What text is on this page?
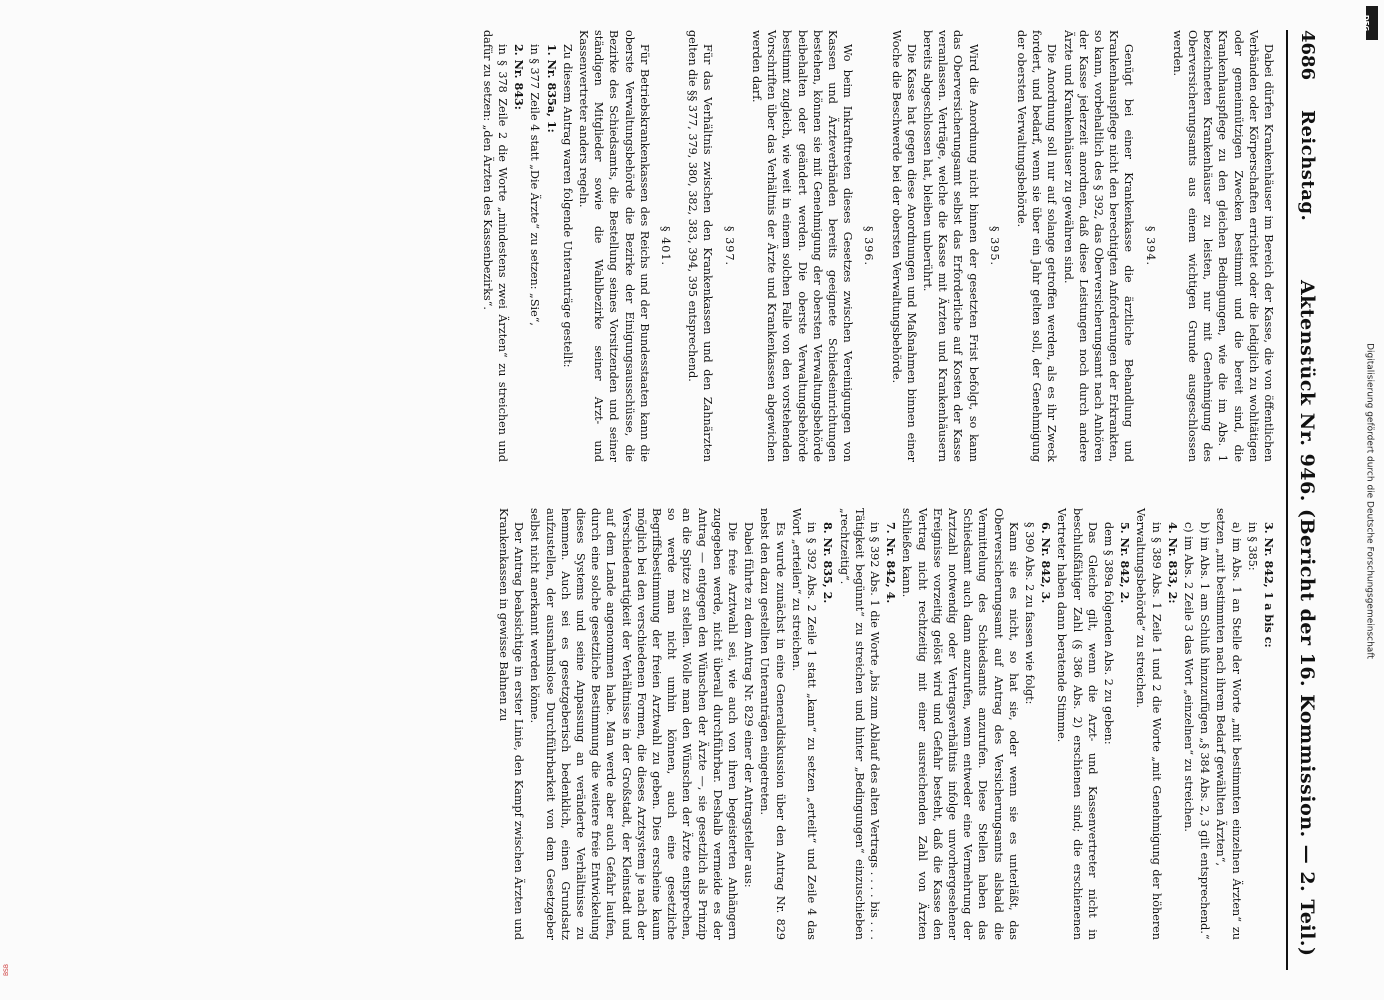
4686
Reichstag.
Aktenstück Nr. 946. (Bericht der 16. Kommission. — 2. Teil.)

Dabei dürfen Krankenhäuser im Bereich der Kasse, die von öffentlichen Verbänden oder Körperschaften errichtet oder die lediglich zu wohltätigen oder gemeinnützigen Zwecken bestimmt und die bereit sind, die Krankenhauspflege zu den gleichen Bedingungen, wie die im Abs. 1 bezeichneten Krankenhäuser zu leisten, nur mit Genehmigung des Oberversicherungsamts aus einem wichtigen Grunde ausgeschlossen werden.

§ 394.

Genügt bei einer Krankenkasse die ärztliche Behandlung und Krankenhauspflege nicht den berechtigten Anforderungen der Erkrankten, so kann, vorbehaltlich des § 392, das Oberversicherungsamt nach Anhören der Kasse jederzeit anordnen, daß diese Leistungen noch durch andere Ärzte und Krankenhäuser zu gewähren sind.

Die Anordnung soll nur auf solange getroffen werden, als es ihr Zweck fordert, und bedarf, wenn sie über ein Jahr gelten soll, der Genehmigung der obersten Verwaltungsbehörde.

§ 395.

Wird die Anordnung nicht binnen der gesetzten Frist befolgt, so kann das Oberversicherungsamt selbst das Erforderliche auf Kosten der Kasse veranlassen. Verträge, welche die Kasse mit Ärzten und Krankenhäusern bereits abgeschlossen hat, bleiben unberührt.

Die Kasse hat gegen diese Anordnungen und Maßnahmen binnen einer Woche die Beschwerde bei der obersten Verwaltungsbehörde.

§ 396.

Wo beim Inkrafttreten dieses Gesetzes zwischen Vereinigungen von Kassen und Ärzteverbänden bereits geeignete Schiedseinrichtungen bestehen, können sie mit Genehmigung der obersten Verwaltungsbehörde beibehalten oder geändert werden. Die oberste Verwaltungsbehörde bestimmt zugleich, wie weit in einem solchen Falle von den vorstehenden Vorschriften über das Verhältnis der Ärzte und Krankenkassen abgewichen werden darf.

§ 397.

Für das Verhältnis zwischen den Krankenkassen und den Zahnärzten gelten die §§ 377, 379, 380, 382, 383, 394, 395 entsprechend.

§ 401.

Für Betriebskrankenkassen des Reichs und der Bundesstaaten kann die oberste Verwaltungsbehörde die Bezirke der Einigungsausschüsse, die Bezirke des Schiedsamts, die Bestellung seines Vorsitzenden und seiner ständigen Mitglieder sowie die Wahlbezirke seiner Arzt- und Kassenvertreter anders regeln.

Zu diesem Antrag waren folgende Unteranträge gestellt:

1. Nr. 835a, 1:

in § 377 Zeile 4 statt „Die Ärzte“ zu setzen: „Sie“,

2. Nr. 843:

in § 378 Zeile 2 die Worte „mindestens zwei Ärzten“ zu streichen und dafür zu setzen: „den Ärzten des Kassenbezirks“.

3. Nr. 842, 1 a bis c:

in § 385:

a) im Abs. 1 an Stelle der Worte „mit bestimmten einzelnen Ärzten“ zu setzen „mit bestimmten nach ihrem Bedarf gewählten Ärzten“,

b) im Abs. 1 am Schluß hinzuzufügen „§ 384 Abs. 2, 3 gilt entsprechend.“

c) im Abs. 2 Zeile 3 das Wort „einzelnen“ zu streichen.

4. Nr. 833, 2:

in § 389 Abs. 1 Zeile 1 und 2 die Worte „mit Genehmigung der höheren Verwaltungsbehörde“ zu streichen.

5. Nr. 842, 2.

dem § 389a folgenden Abs. 2 zu geben:

Das Gleiche gilt, wenn die Arzt- und Kassenvertreter nicht in beschlußfähiger Zahl (§ 386 Abs. 2) erschienen sind; die erschienenen Vertreter haben dann beratende Stimme.

6. Nr. 842, 3.

§ 390 Abs. 2 zu fassen wie folgt:

Kann sie es nicht, so hat sie, oder wenn sie es unterläßt, das Oberversicherungsamt auf Antrag des Versicherungsamts alsbald die Vermittelung des Schiedsamts anzurufen. Diese Stellen haben das Schiedsamt auch dann anzurufen, wenn entweder eine Vermehrung der Arztzahl notwendig oder Vertragsverhältnis infolge unvorhergesehener Ereignisse vorzeitig gelöst wird und Gefahr besteht, daß die Kasse den Vertrag nicht rechtzeitig mit einer ausreichenden Zahl von Ärzten schließen kann.

7. Nr. 842, 4.

in § 392 Abs. 1 die Worte „bis zum Ablauf des alten Vertrags . . . . bis . . . Tätigkeit begünnt“ zu streichen und hinter „Bedingungen“ einzuschieben „rechtzeitig“.

8. Nr. 835, 2.

in § 392 Abs. 2 Zeile 1 statt „kann“ zu setzen „erteilt“ und Zeile 4 das Wort „erteilen“ zu streichen.

Es wurde zunächst in eine Generaldiskussion über den Antrag Nr. 829 nebst den dazu gestellten Unteranträgen eingetreten.

Dabei führte zu dem Antrag Nr. 829 einer der Antragsteller aus:

Die freie Arztwahl sei, wie auch von ihren begeisterten Anhängern zugegeben werde, nicht überall durchführbar. Deshalb vermeide es der Antrag — entgegen den Wünschen der Ärzte —, sie gesetzlich als Prinzip an die Spitze zu stellen. Wolle man den Wünschen der Ärzte entsprechen, so werde man nicht umhin können, auch eine gesetzliche Begriffsbestimmung der freien Arztwahl zu geben. Dies erscheine kaum möglich bei den verschiedenen Formen, die dieses Arztsystem je nach der Verschiedenartigkeit der Verhältnisse in der Großstadt, der Kleinstadt und auf dem Lande angenommen habe. Man werde aber auch Gefahr laufen, durch eine solche gesetzliche Bestimmung die weitere freie Entwickelung dieses Systems und seine Anpassung an veränderte Verhältnisse zu hemmen. Auch sei es gesetzgeberisch bedenklich, einen Grundsatz aufzustellen, der ausnahmslose Durchführbarkeit von dem Gesetzgeber selbst nicht anerkannt werden könne.

Der Antrag beabsichtige in erster Linie, den Kampf zwischen Ärzten und Krankenkassen in gewisse Bahnen zu

DFG
Digitalisierung gefördert durch die Deutsche Forschungsgemeinschaft
BSB
